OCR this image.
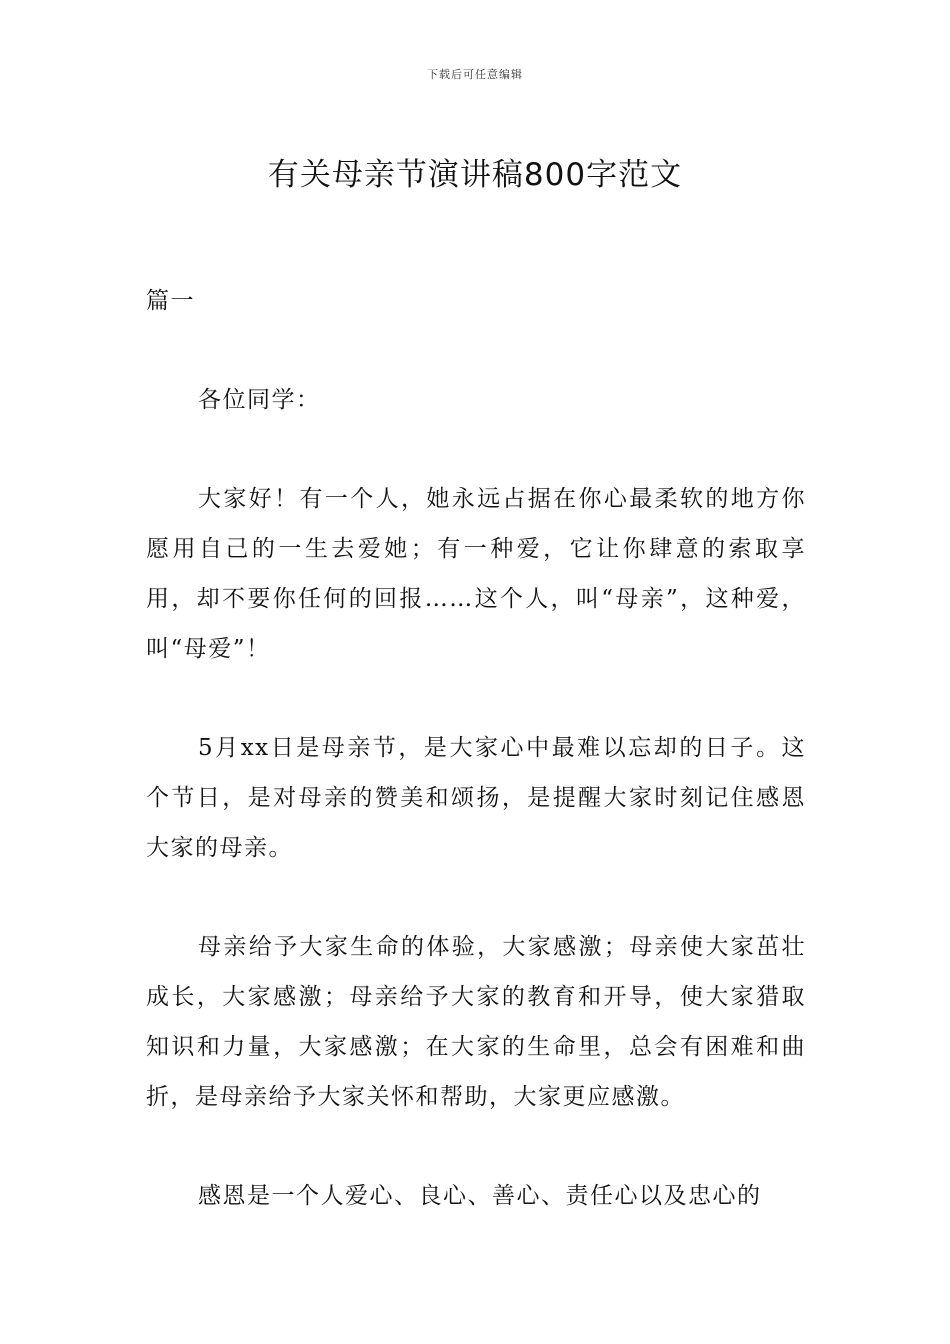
下载后可任意编辑
有关母亲节演讲稿800字范文

篇一

各位同学：

大家好！有一个人，她永远占据在你心最柔软的地方你愿用自己的一生去爱她；有一种爱，它让你肆意的索取享用，却不要你任何的回报……这个人，叫“母亲”，这种爱，叫“母爱”！

5月xx日是母亲节，是大家心中最难以忘却的日子。这个节日，是对母亲的赞美和颂扬，是提醒大家时刻记住感恩大家的母亲。

母亲给予大家生命的体验，大家感激；母亲使大家茁壮成长，大家感激；母亲给予大家的教育和开导，使大家猎取知识和力量，大家感激；在大家的生命里，总会有困难和曲折，是母亲给予大家关怀和帮助，大家更应感激。

感恩是一个人爱心、良心、善心、责任心以及忠心的
